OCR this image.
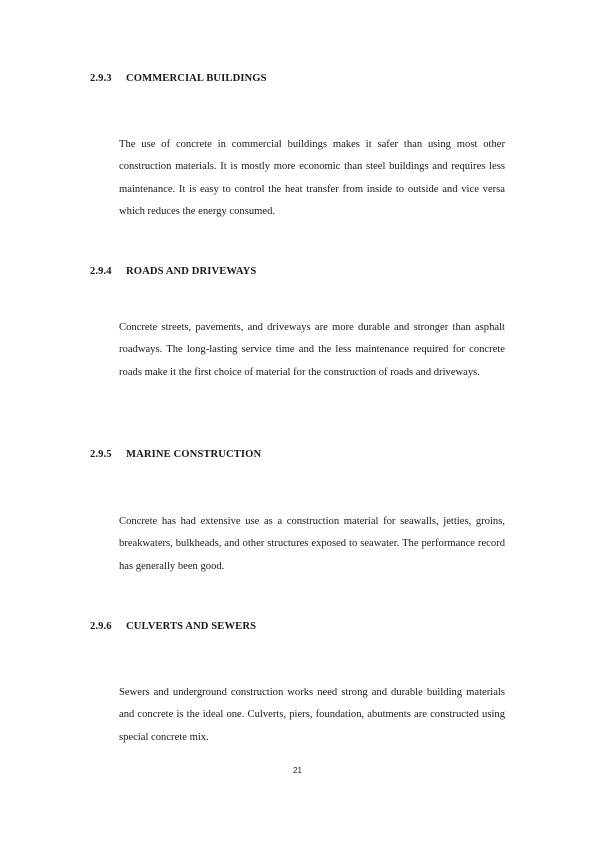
2.9.3 COMMERCIAL BUILDINGS

The use of concrete in commercial buildings makes it safer than using most other construction materials. It is mostly more economic than steel buildings and requires less maintenance. It is easy to control the heat transfer from inside to outside and vice versa which reduces the energy consumed.

2.9.4 ROADS AND DRIVEWAYS

Concrete streets, pavements, and driveways are more durable and stronger than asphalt roadways. The long-lasting service time and the less maintenance required for concrete roads make it the first choice of material for the construction of roads and driveways.

2.9.5 MARINE CONSTRUCTION

Concrete has had extensive use as a construction material for seawalls, jetties, groins, breakwaters, bulkheads, and other structures exposed to seawater. The performance record has generally been good.

2.9.6 CULVERTS AND SEWERS

Sewers and underground construction works need strong and durable building materials and concrete is the ideal one. Culverts, piers, foundation, abutments are constructed using special concrete mix.

21
